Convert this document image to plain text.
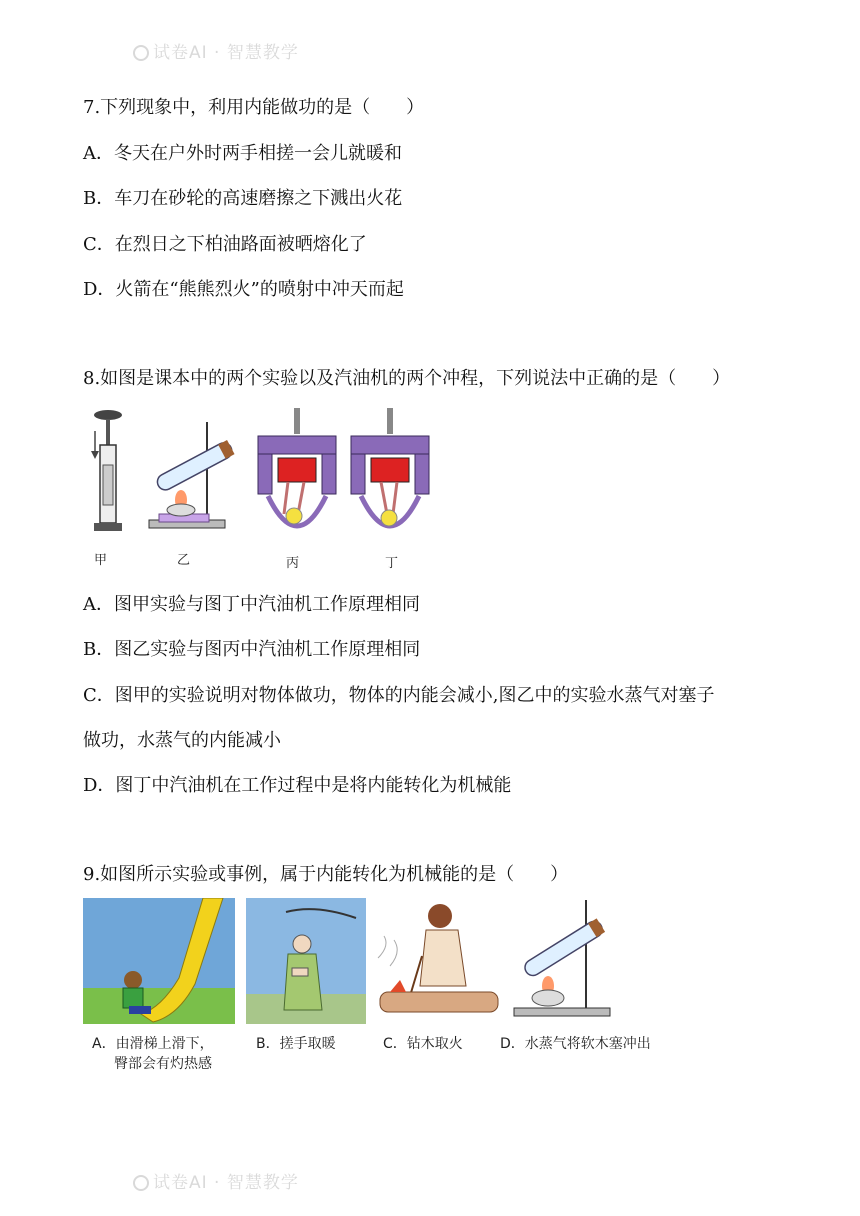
试卷AI · 智慧教学
7.下列现象中，利用内能做功的是（　　）
A．冬天在户外时两手相搓一会儿就暖和
B．车刀在砂轮的高速磨擦之下溅出火花
C．在烈日之下柏油路面被晒熔化了
D．火箭在“熊熊烈火”的喷射中冲天而起
8.如图是课本中的两个实验以及汽油机的两个冲程，下列说法中正确的是（　　）
甲	乙	丙	丁
A．图甲实验与图丁中汽油机工作原理相同
B．图乙实验与图丙中汽油机工作原理相同
C．图甲的实验说明对物体做功，物体的内能会减小,图乙中的实验水蒸气对塞子
做功，水蒸气的内能减小
D．图丁中汽油机在工作过程中是将内能转化为机械能
9.如图所示实验或事例，属于内能转化为机械能的是（　　）
A．由滑梯上滑下，
臀部会有灼热感
B．搓手取暖	C．钻木取火	D．水蒸气将软木塞冲出
试卷AI · 智慧教学
